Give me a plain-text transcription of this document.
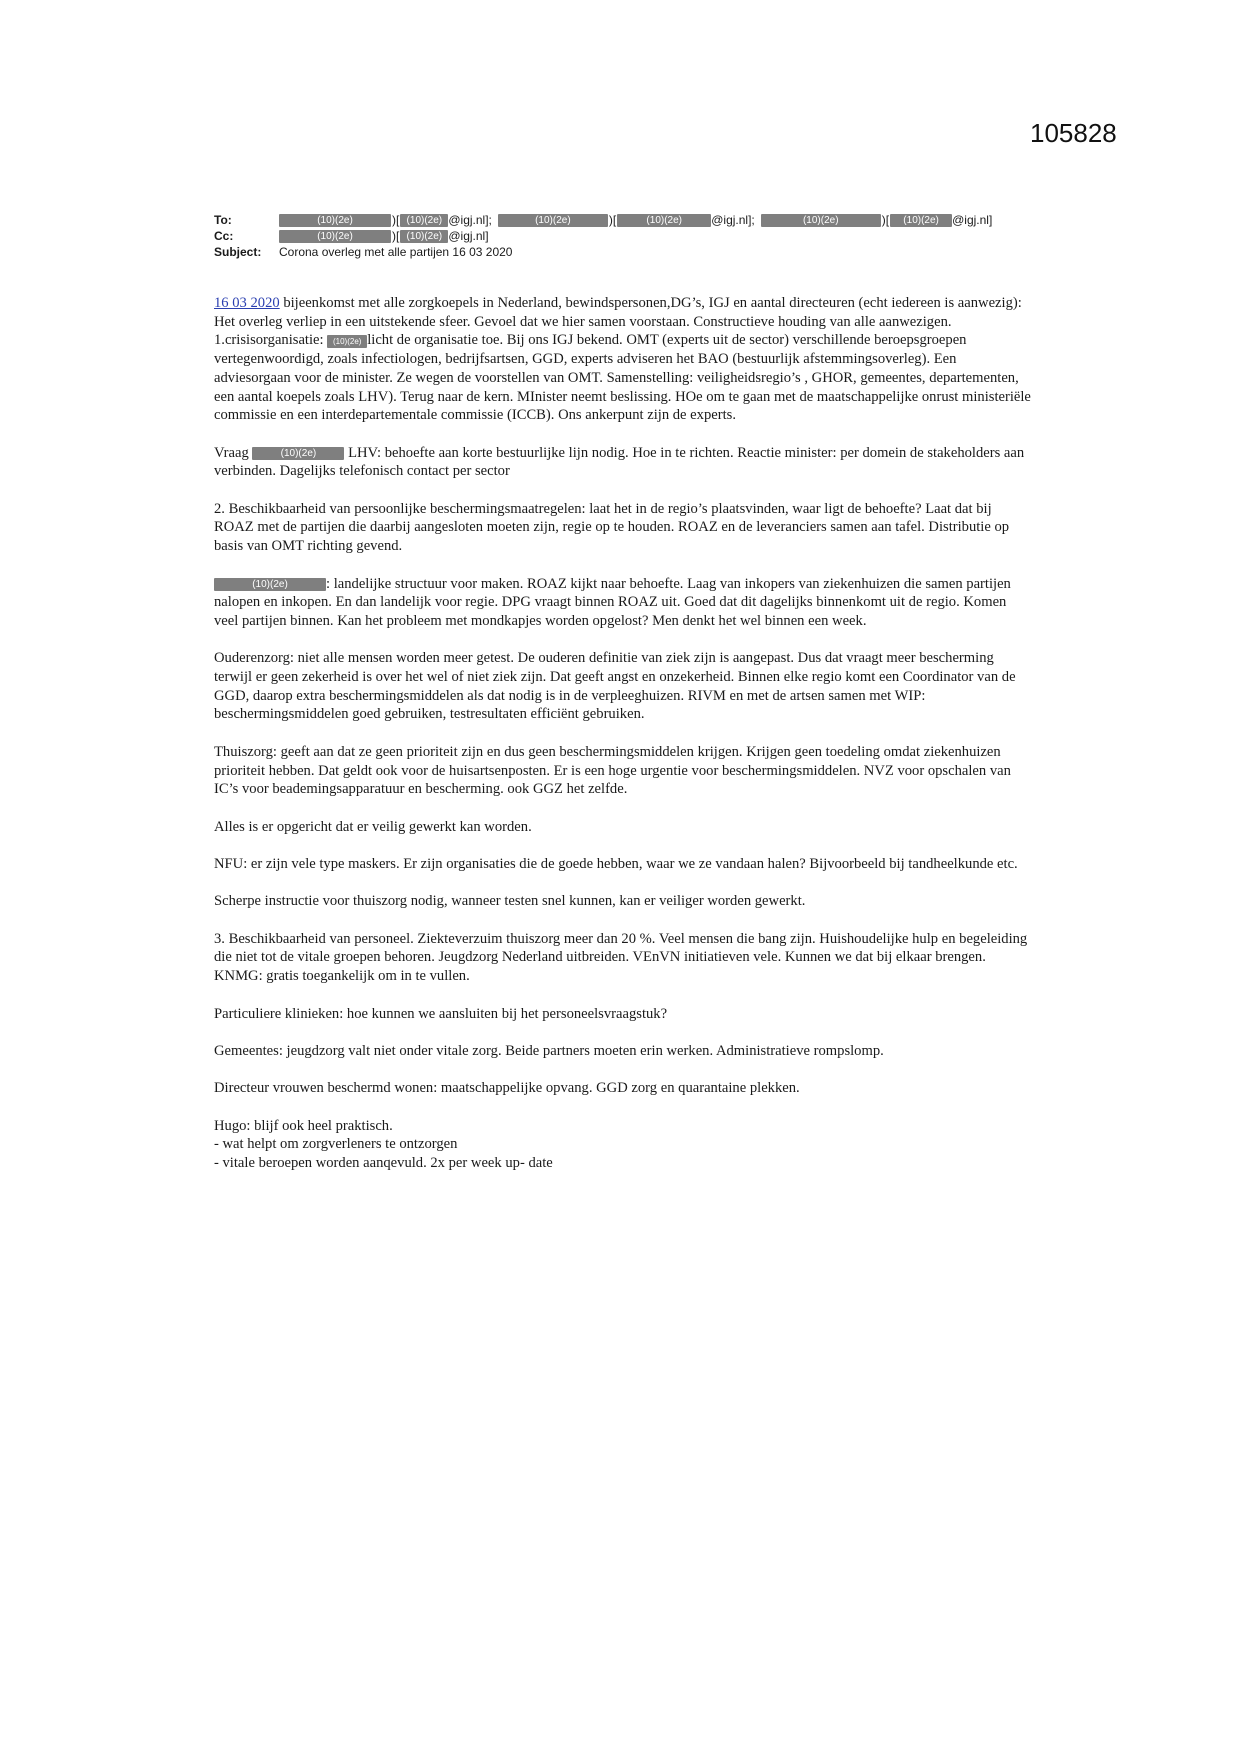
105828
To:	(10)(2e)	)[ (10)(2e) @igj.nl];	(10)(2e)	)[	(10)(2e)	@igj.nl];	(10)(2e)	)[	(10)(2e)	@igj.nl]
Cc:	(10)(2e)	)[ (10)(2e) @igj.nl]
Subject:	Corona overleg met alle partijen 16 03 2020

16 03 2020 bijeenkomst met alle zorgkoepels in Nederland, bewindspersonen,DG’s, IGJ en aantal directeuren (echt iedereen is aanwezig):

Het overleg verliep in een uitstekende sfeer. Gevoel dat we hier samen voorstaan. Constructieve houding van alle aanwezigen.

1.crisisorganisatie: (10)(2e) licht de organisatie toe. Bij ons IGJ bekend. OMT (experts uit de sector) verschillende beroepsgroepen vertegenwoordigd, zoals infectiologen, bedrijfsartsen, GGD, experts adviseren het BAO (bestuurlijk afstemmingsoverleg). Een adviesorgaan voor de minister. Ze wegen de voorstellen van OMT. Samenstelling: veiligheidsregio’s , GHOR, gemeentes, departementen, een aantal koepels zoals LHV). Terug naar de kern. MInister neemt beslissing. HOe om te gaan met de maatschappelijke onrust ministeriële commissie en een interdepartementale commissie (ICCB). Ons ankerpunt zijn de experts.

Vraag	(10)(2e) LHV: behoefte aan korte bestuurlijke lijn nodig. Hoe in te richten. Reactie minister: per domein de stakeholders aan verbinden. Dagelijks telefonisch contact per sector

2. Beschikbaarheid van persoonlijke beschermingsmaatregelen: laat het in de regio’s plaatsvinden, waar ligt de behoefte? Laat dat bij ROAZ met de partijen die daarbij aangesloten moeten zijn, regie op te houden. ROAZ en de leveranciers samen aan tafel. Distributie op basis van OMT richting gevend.

(10)(2e)	: landelijke structuur voor maken. ROAZ kijkt naar behoefte. Laag van inkopers van ziekenhuizen die samen partijen nalopen en inkopen. En dan landelijk voor regie. DPG vraagt binnen ROAZ uit. Goed dat dit dagelijks binnenkomt uit de regio. Komen veel partijen binnen. Kan het probleem met mondkapjes worden opgelost? Men denkt het wel binnen een week.

Ouderenzorg: niet alle mensen worden meer getest. De ouderen definitie van ziek zijn is aangepast. Dus dat vraagt meer bescherming terwijl er geen zekerheid is over het wel of niet ziek zijn. Dat geeft angst en onzekerheid. Binnen elke regio komt een Coordinator van de GGD, daarop extra beschermingsmiddelen als dat nodig is in de verpleeghuizen. RIVM en met de artsen samen met WIP: beschermingsmiddelen goed gebruiken, testresultaten efficiënt gebruiken.

Thuiszorg: geeft aan dat ze geen prioriteit zijn en dus geen beschermingsmiddelen krijgen. Krijgen geen toedeling omdat ziekenhuizen prioriteit hebben. Dat geldt ook voor de huisartsenposten. Er is een hoge urgentie voor beschermingsmiddelen. NVZ voor opschalen van IC’s voor beademingsapparatuur en bescherming. ook GGZ het zelfde.

Alles is er opgericht dat er veilig gewerkt kan worden.

NFU: er zijn vele type maskers. Er zijn organisaties die de goede hebben, waar we ze vandaan halen? Bijvoorbeeld bij tandheelkunde etc.

Scherpe instructie voor thuiszorg nodig, wanneer testen snel kunnen, kan er veiliger worden gewerkt.

3. Beschikbaarheid van personeel. Ziekteverzuim thuiszorg meer dan 20 %. Veel mensen die bang zijn. Huishoudelijke hulp en begeleiding die niet tot de vitale groepen behoren. Jeugdzorg Nederland uitbreiden. VEnVN initiatieven vele. Kunnen we dat bij elkaar brengen. KNMG: gratis toegankelijk om in te vullen.

Particuliere klinieken: hoe kunnen we aansluiten bij het personeelsvraagstuk?

Gemeentes: jeugdzorg valt niet onder vitale zorg. Beide partners moeten erin werken. Administratieve rompslomp.

Directeur vrouwen beschermd wonen: maatschappelijke opvang. GGD zorg en quarantaine plekken.

Hugo: blijf ook heel praktisch.

- wat helpt om zorgverleners te ontzorgen

- vitale beroepen worden aanqevuld. 2x per week up- date
